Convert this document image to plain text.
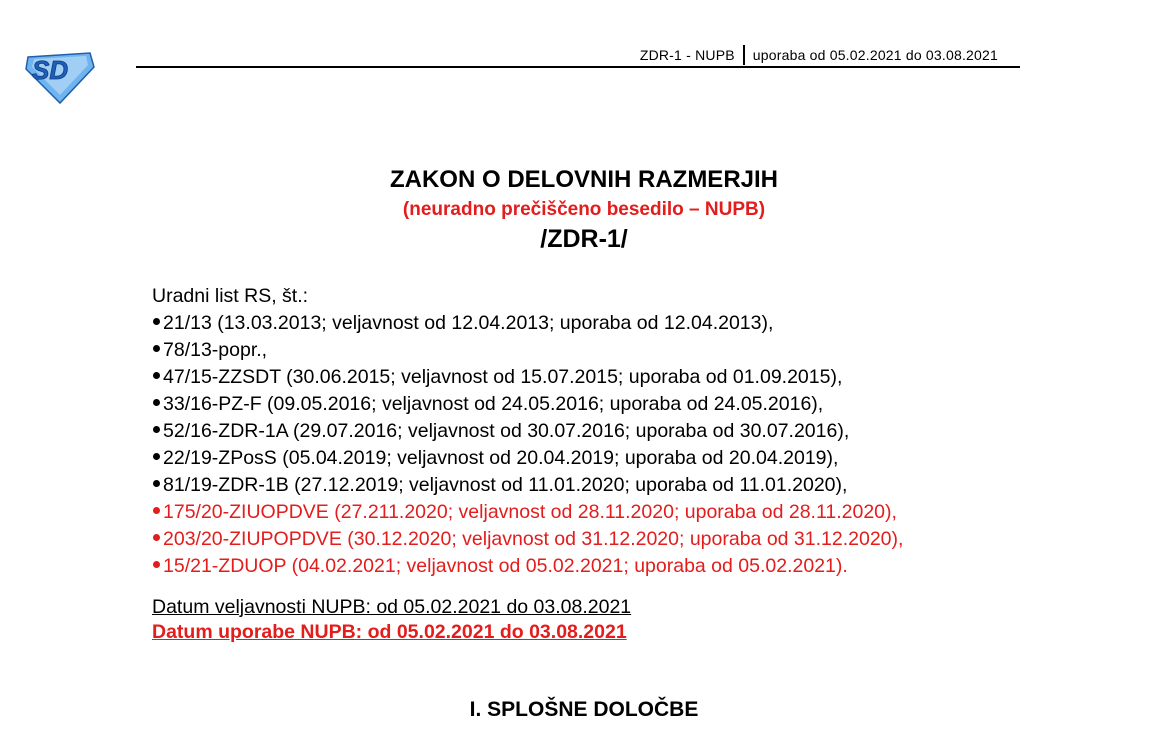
SD	ZDR-1 - NUPB uporaba od 05.02.2021 do 03.08.2021
ZAKON O DELOVNIH RAZMERJIH
(neuradno prečiščeno besedilo – NUPB)
/ZDR-1/
Uradni list RS, št.:
21/13 (13.03.2013; veljavnost od 12.04.2013; uporaba od 12.04.2013),
78/13-popr.,
47/15-ZZSDT (30.06.2015; veljavnost od 15.07.2015; uporaba od 01.09.2015),
33/16-PZ-F (09.05.2016; veljavnost od 24.05.2016; uporaba od 24.05.2016),
52/16-ZDR-1A (29.07.2016; veljavnost od 30.07.2016; uporaba od 30.07.2016),
22/19-ZPosS (05.04.2019; veljavnost od 20.04.2019; uporaba od 20.04.2019),
81/19-ZDR-1B (27.12.2019; veljavnost od 11.01.2020; uporaba od 11.01.2020),
175/20-ZIUOPDVE (27.211.2020; veljavnost od 28.11.2020; uporaba od 28.11.2020),
203/20-ZIUPOPDVE (30.12.2020; veljavnost od 31.12.2020; uporaba od 31.12.2020),
15/21-ZDUOP (04.02.2021; veljavnost od 05.02.2021; uporaba od 05.02.2021).
Datum veljavnosti NUPB: od 05.02.2021 do 03.08.2021
Datum uporabe NUPB: od 05.02.2021 do 03.08.2021
I. SPLOŠNE DOLOČBE
